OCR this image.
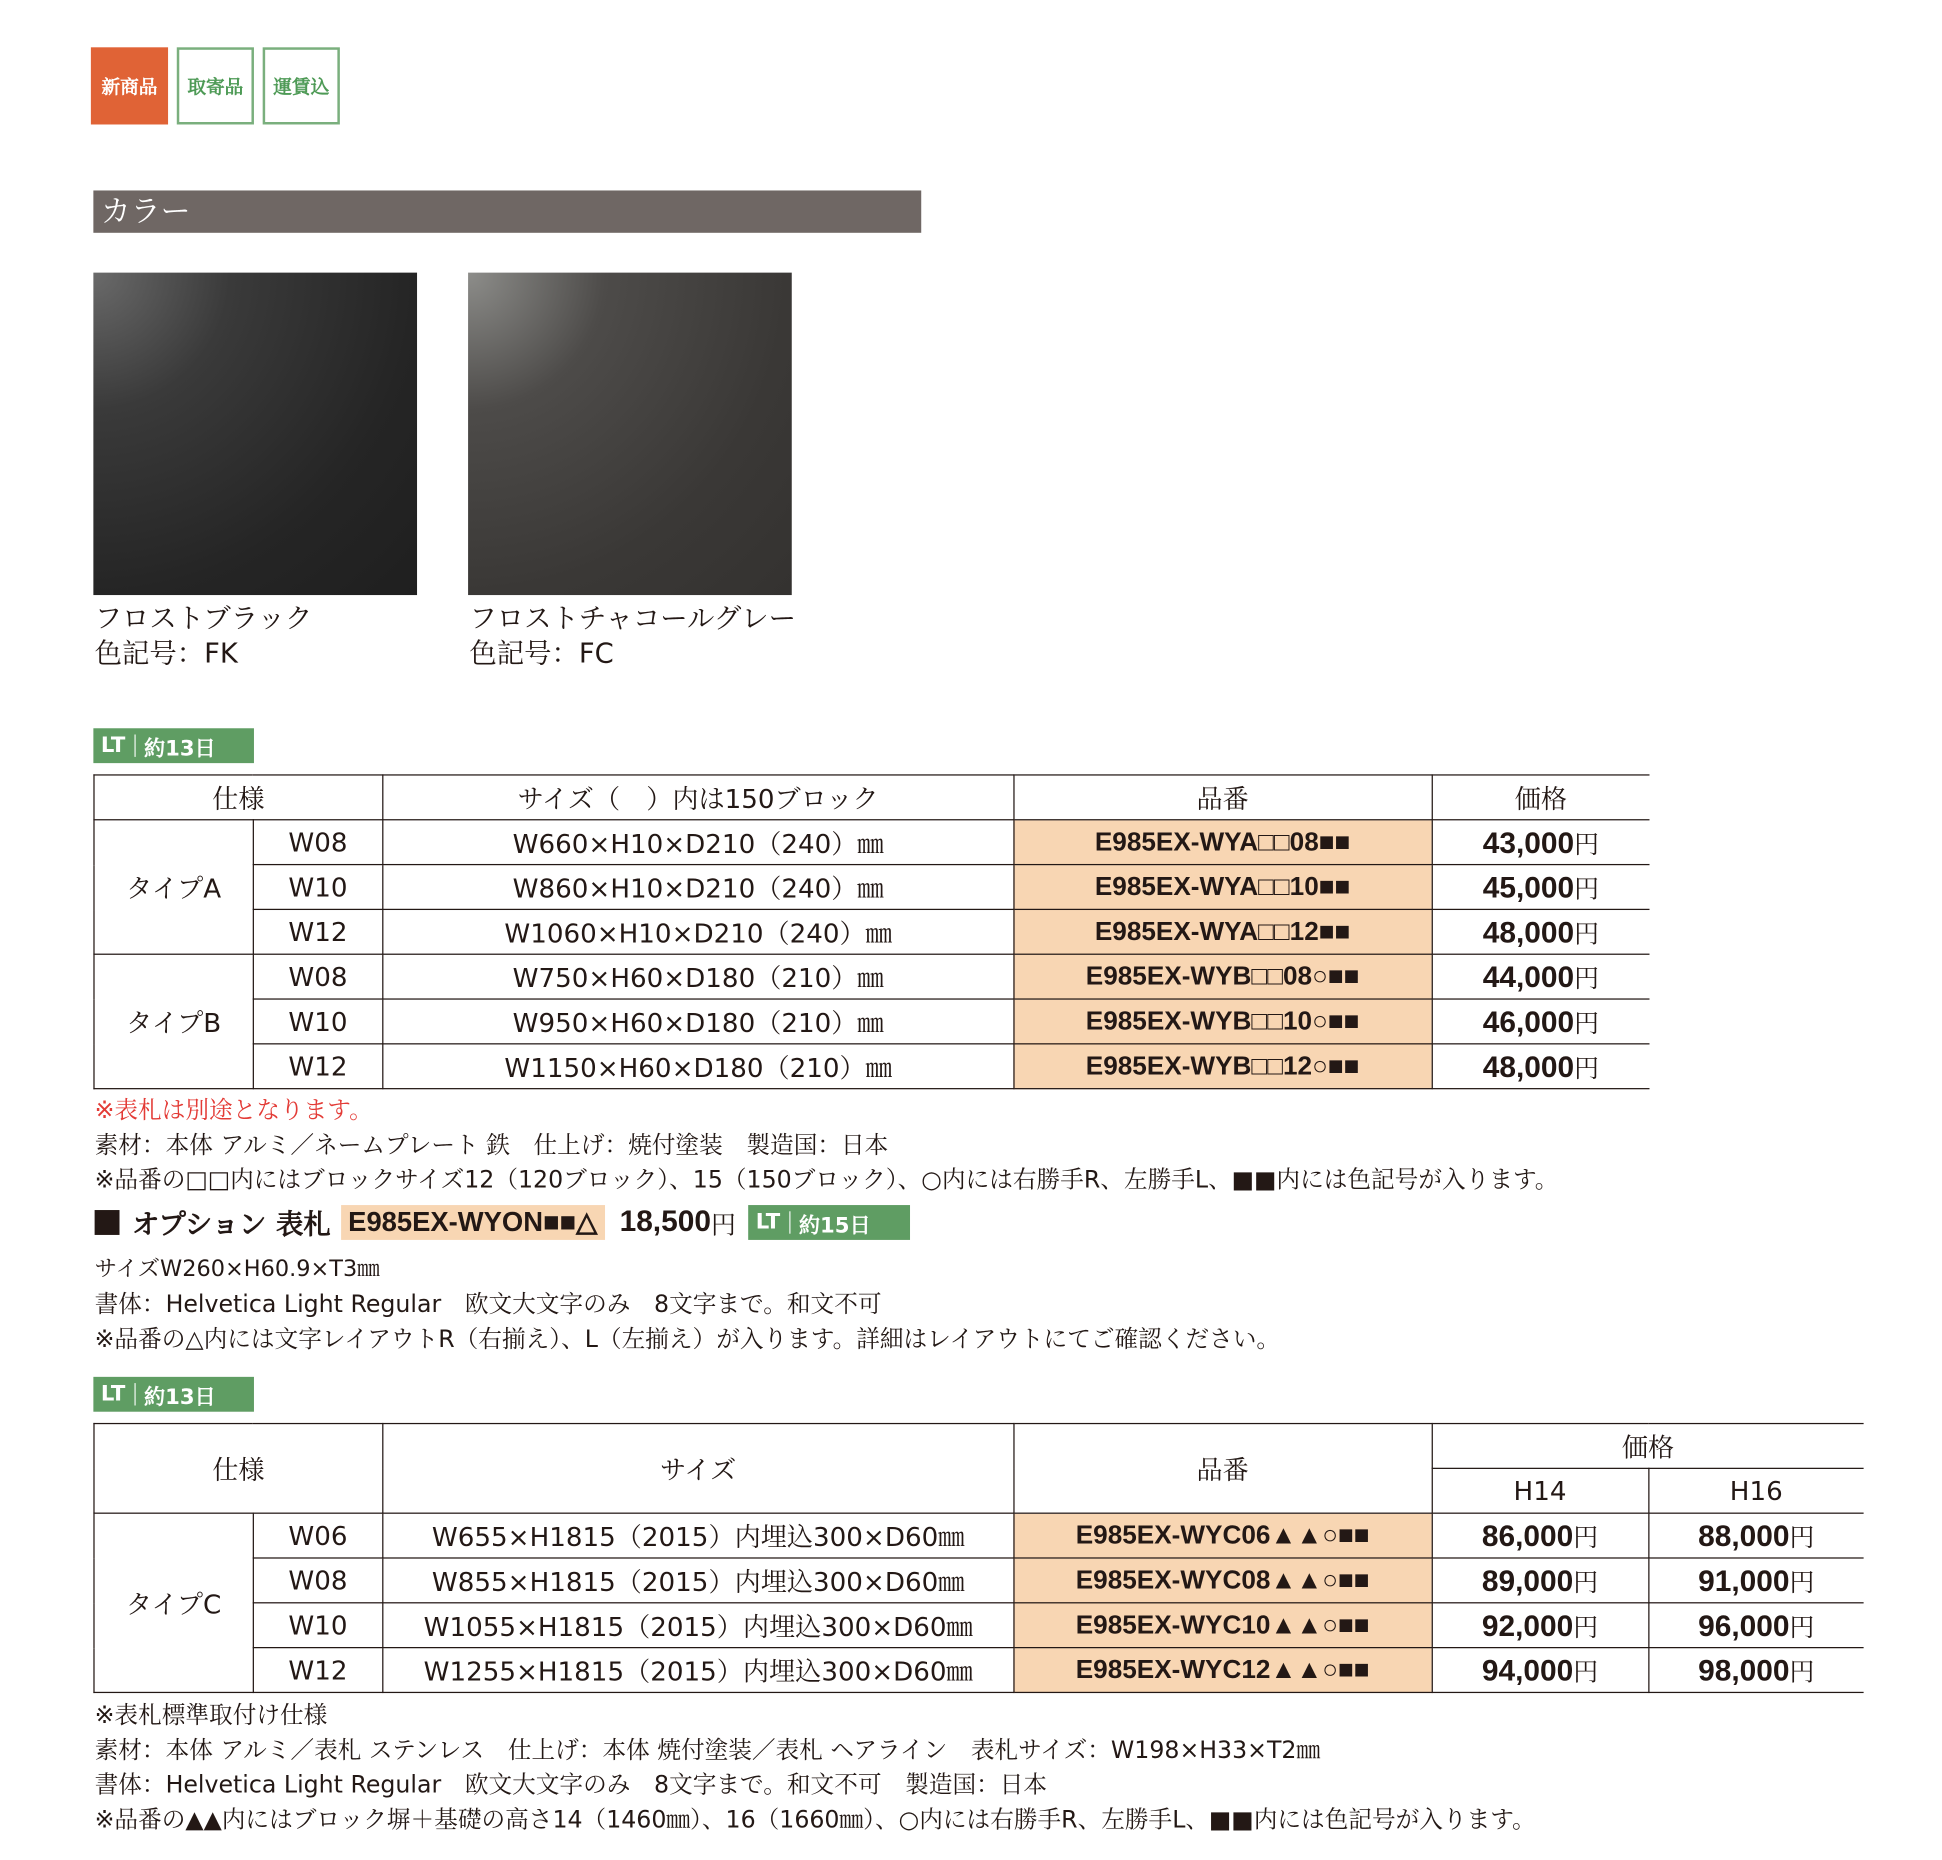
新商品	取寄品	運賃込
カラー
フロストブラック
色記号：FK
フロストチャコールグレー
色記号：FC
LT 約13日
仕様		サイズ（　）内は150ブロック	品番	価格
タイプA	W08	W660×H10×D210（240）㎜	E985EX-WYA□□08■■	43,000円
	W10	W860×H10×D210（240）㎜	E985EX-WYA□□10■■	45,000円
	W12	W1060×H10×D210（240）㎜	E985EX-WYA□□12■■	48,000円
タイプB	W08	W750×H60×D180（210）㎜	E985EX-WYB□□08○■■	44,000円
	W10	W950×H60×D180（210）㎜	E985EX-WYB□□10○■■	46,000円
	W12	W1150×H60×D180（210）㎜	E985EX-WYB□□12○■■	48,000円
※表札は別途となります。
素材：本体 アルミ／ネームプレート 鉄　仕上げ：焼付塗装　製造国：日本
※品番の□□内にはブロックサイズ12（120ブロック）、15（150ブロック）、○内には右勝手R、左勝手L、■■内には色記号が入ります。
オプション 表札 E985EX-WYON■■△ 18,500 円 LT 約15日
サイズW260×H60.9×T3㎜
書体：Helvetica Light Regular　欧文大文字のみ　8文字まで。和文不可
※品番の△内には文字レイアウトR（右揃え）、L（左揃え）が入ります。詳細はレイアウトにてご確認ください。
LT 約13日
仕様		サイズ	品番	価格	
				H14	H16
タイプC	W06	W655×H1815（2015）内埋込300×D60㎜	E985EX-WYC06▲▲○■■	86,000円	88,000円
	W08	W855×H1815（2015）内埋込300×D60㎜	E985EX-WYC08▲▲○■■	89,000円	91,000円
	W10	W1055×H1815（2015）内埋込300×D60㎜	E985EX-WYC10▲▲○■■	92,000円	96,000円
	W12	W1255×H1815（2015）内埋込300×D60㎜	E985EX-WYC12▲▲○■■	94,000円	98,000円
※表札標準取付け仕様
素材：本体 アルミ／表札 ステンレス　仕上げ：本体 焼付塗装／表札 ヘアライン　表札サイズ：W198×H33×T2㎜
書体：Helvetica Light Regular　欧文大文字のみ　8文字まで。和文不可　製造国：日本
※品番の▲▲内にはブロック塀＋基礎の高さ14（1460㎜）、16（1660㎜）、○内には右勝手R、左勝手L、■■内には色記号が入ります。
